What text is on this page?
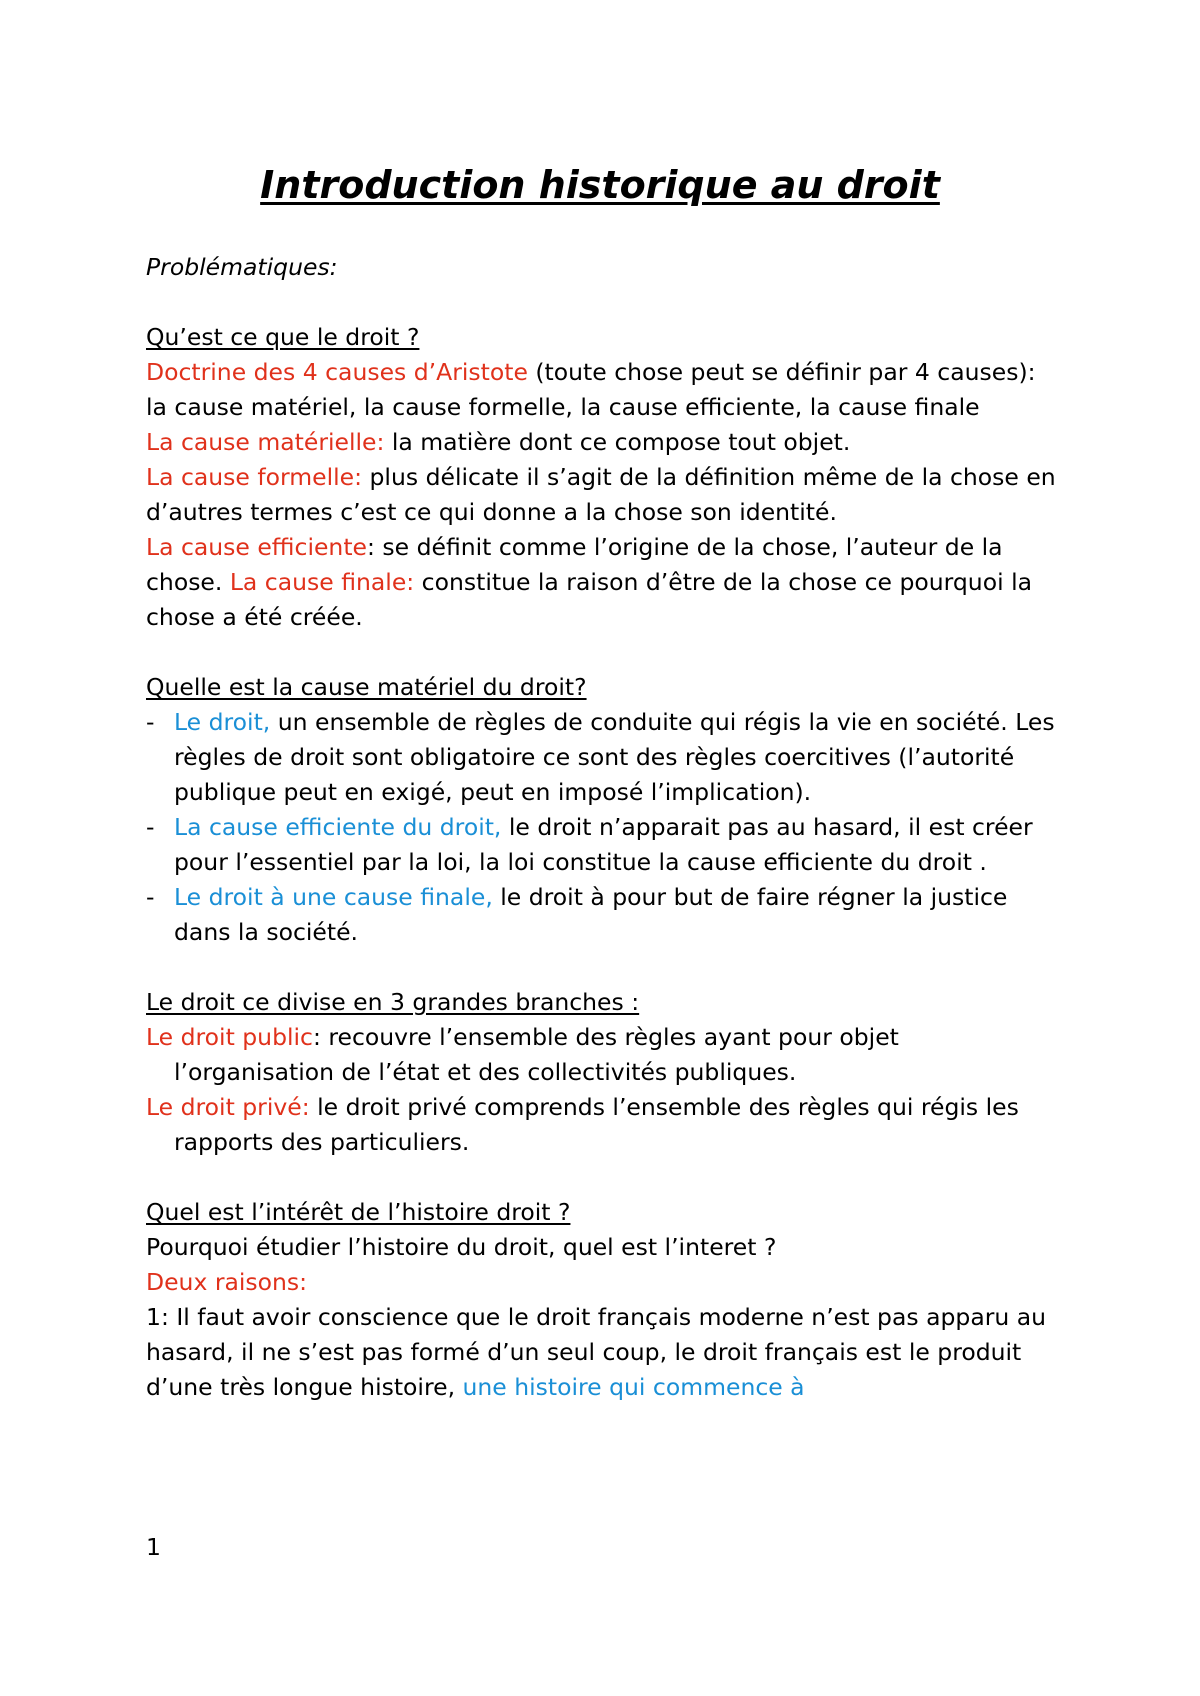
Introduction historique au droit

Problématiques:

Qu’est ce que le droit ?

Doctrine des 4 causes d’Aristote (toute chose peut se définir par 4 causes):

la cause matériel, la cause formelle, la cause efficiente, la cause finale

La cause matérielle: la matière dont ce compose tout objet.

La cause formelle: plus délicate il s’agit de la définition même de la chose en d’autres termes c’est ce qui donne a la chose son identité.

La cause efficiente: se définit comme l’origine de la chose, l’auteur de la chose. La cause finale: constitue la raison d’être de la chose ce pourquoi la chose a été créée.

Quelle est la cause matériel du droit?

- Le droit, un ensemble de règles de conduite qui régis la vie en société. Les règles de droit sont obligatoire ce sont des règles coercitives (l’autorité publique peut en exigé, peut en imposé l’implication).
- La cause efficiente du droit, le droit n’apparait pas au hasard, il est créer pour l’essentiel par la loi, la loi constitue la cause efficiente du droit .
- Le droit à une cause finale, le droit à pour but de faire régner la justice dans la société.

Le droit ce divise en 3 grandes branches :

Le droit public: recouvre l’ensemble des règles ayant pour objet l’organisation de l’état et des collectivités publiques.

Le droit privé: le droit privé comprends l’ensemble des règles qui régis les rapports des particuliers.

Quel est l’intérêt de l’histoire droit ?

Pourquoi étudier l’histoire du droit, quel est l’interet ?

Deux raisons:

1: Il faut avoir conscience que le droit français moderne n’est pas apparu au hasard, il ne s’est pas formé d’un seul coup, le droit français est le produit d’une très longue histoire, une histoire qui commence à

1
